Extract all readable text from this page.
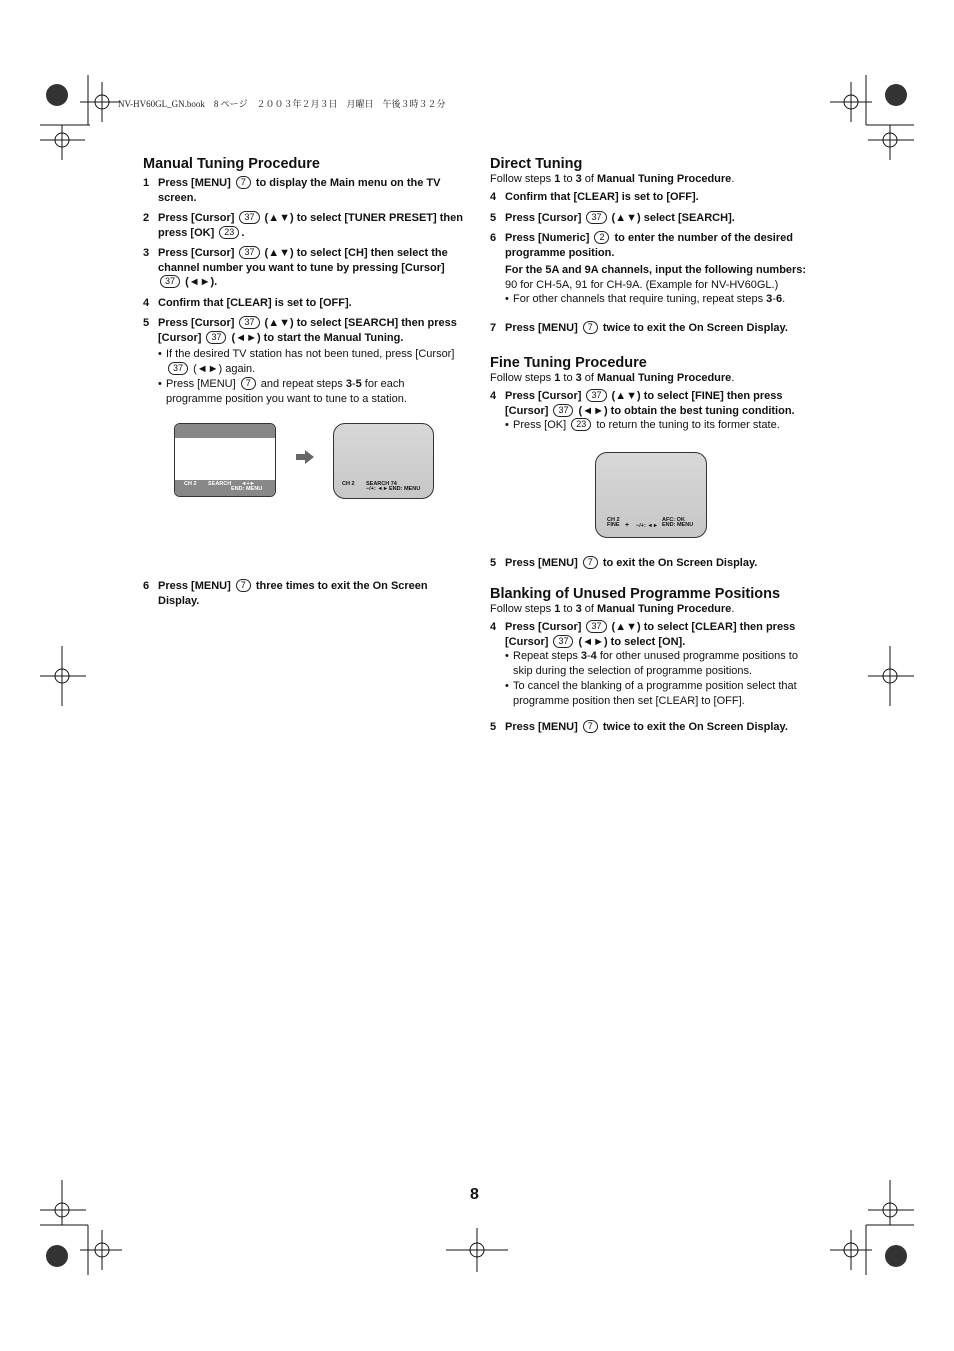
NV-HV60GL_GN.book　8 ページ　２００３年２月３日　月曜日　午後３時３２分
Manual Tuning Procedure
1 Press [MENU] 7 to display the Main menu on the TV screen.
2 Press [Cursor] 37 (▲▼) to select [TUNER PRESET] then press [OK] 23 .
3 Press [Cursor] 37 (▲▼) to select [CH] then select the channel number you want to tune by pressing [Cursor] 37 (◄►).
4 Confirm that [CLEAR] is set to [OFF].
5 Press [Cursor] 37 (▲▼) to select [SEARCH] then press [Cursor] 37 (◄►) to start the Manual Tuning.
• If the desired TV station has not been tuned, press [Cursor] 37 (◄►) again.
• Press [MENU] 7 and repeat steps 3-5 for each programme position you want to tune to a station.
CH 2 SEARCH ◄+►
END: MENU
CH 2 SEARCH 74
−/+: ◄► END: MENU
6 Press [MENU] 7 three times to exit the On Screen Display.
Direct Tuning

Follow steps 1 to 3 of Manual Tuning Procedure.

4 Confirm that [CLEAR] is set to [OFF].
5 Press [Cursor] 37 (▲▼) select [SEARCH].
6 Press [Numeric] 2 to enter the number of the desired programme position.

For the 5A and 9A channels, input the following numbers:

90 for CH-5A, 91 for CH-9A. (Example for NV-HV60GL.)

• For other channels that require tuning, repeat steps 3-6.
7 Press [MENU] 7 twice to exit the On Screen Display.
Fine Tuning Procedure

Follow steps 1 to 3 of Manual Tuning Procedure.

4 Press [Cursor] 37 (▲▼) to select [FINE] then press [Cursor] 37 (◄►) to obtain the best tuning condition.
• Press [OK] 23 to return the tuning to its former state.
CH 2
FINE + −/+: ◄►
AFC: OK
END: MENU
5 Press [MENU] 7 to exit the On Screen Display.
Blanking of Unused Programme Positions

Follow steps 1 to 3 of Manual Tuning Procedure.

4 Press [Cursor] 37 (▲▼) to select [CLEAR] then press [Cursor] 37 (◄►) to select [ON].
• Repeat steps 3-4 for other unused programme positions to skip during the selection of programme positions.
• To cancel the blanking of a programme position select that programme position then set [CLEAR] to [OFF].
5 Press [MENU] 7 twice to exit the On Screen Display.
8
